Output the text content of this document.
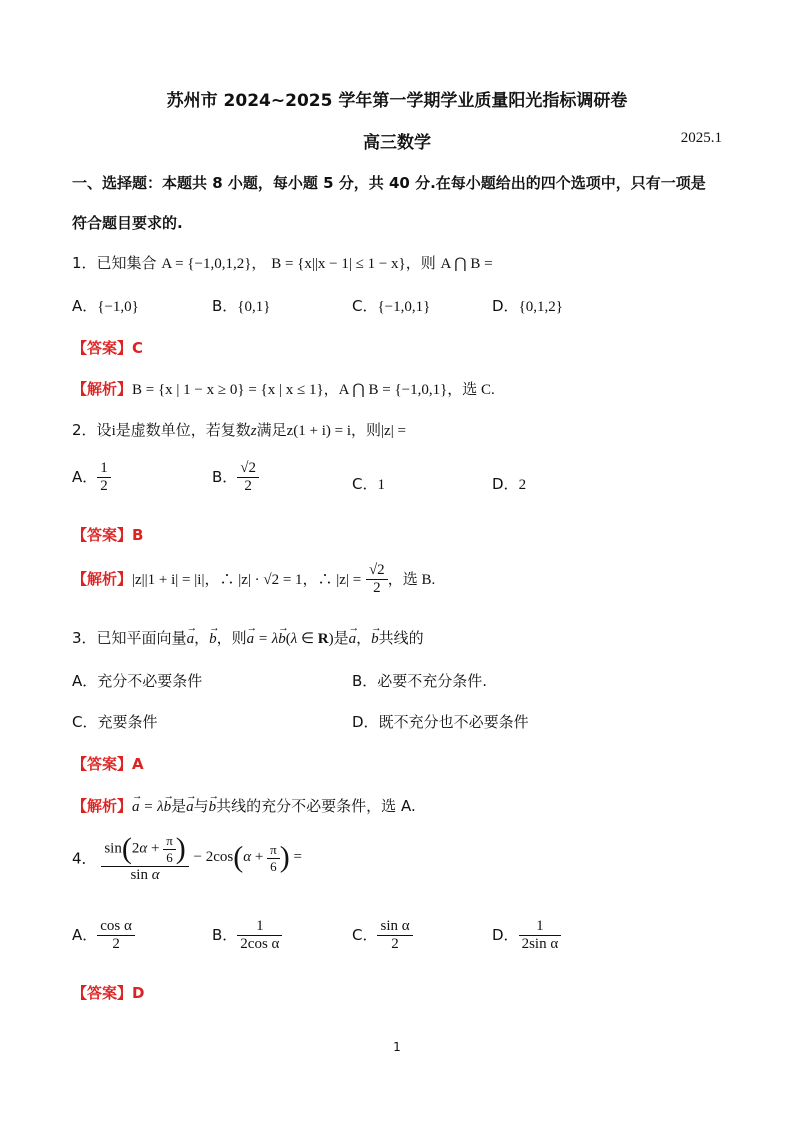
苏州市 2024~2025 学年第一学期学业质量阳光指标调研卷
高三数学	2025.1
一、选择题：本题共 8 小题，每小题 5 分，共 40 分.在每小题给出的四个选项中，只有一项是
符合题目要求的.
1．已知集合 A = {−1,0,1,2}， B = {x||x − 1| ≤ 1 − x}，则 A ⋂ B =
A．{−1,0}	B．{0,1}	C．{−1,0,1}	D．{0,1,2}
【答案】C
【解析】B = {x | 1 − x ≥ 0} = {x | x ≤ 1}，A ⋂ B = {−1,0,1}，选 C.
2．设i是虚数单位，若复数z满足z(1 + i) = i，则|z| =
A． $\frac{1}{2}$	B． $\frac{√2}{2}$	C．1	D．2
【答案】B
【解析】|z||1 + i| = |i|，∴ |z| · √2 = 1，∴ $|z| = \frac{√2}{2}$ ，选 B.
3．已知平面向量→ a，→ b，则→ a = λ→ b(λ ∈ R)是→ a，→ b共线的
A．充分不必要条件	B．必要不充分条件.
C．充要条件	D．既不充分也不必要条件
【答案】A
【解析】→ a = λ→ b是→ a与→ b共线的充分不必要条件，选 A.
4． $\frac{\sin(2\alpha + \frac{\pi}{6} )}{\text{sin α}} - 2\cos(\alpha + \frac{\pi}{6}$ ) =
A． $\frac{\text{cos α}}{2}$	B． $\frac{1}{\text{2cos α}}$	C． $\frac{\text{sin α}}{2}$	D． $\frac{1}{\text{2sin α}}$
【答案】D
1
